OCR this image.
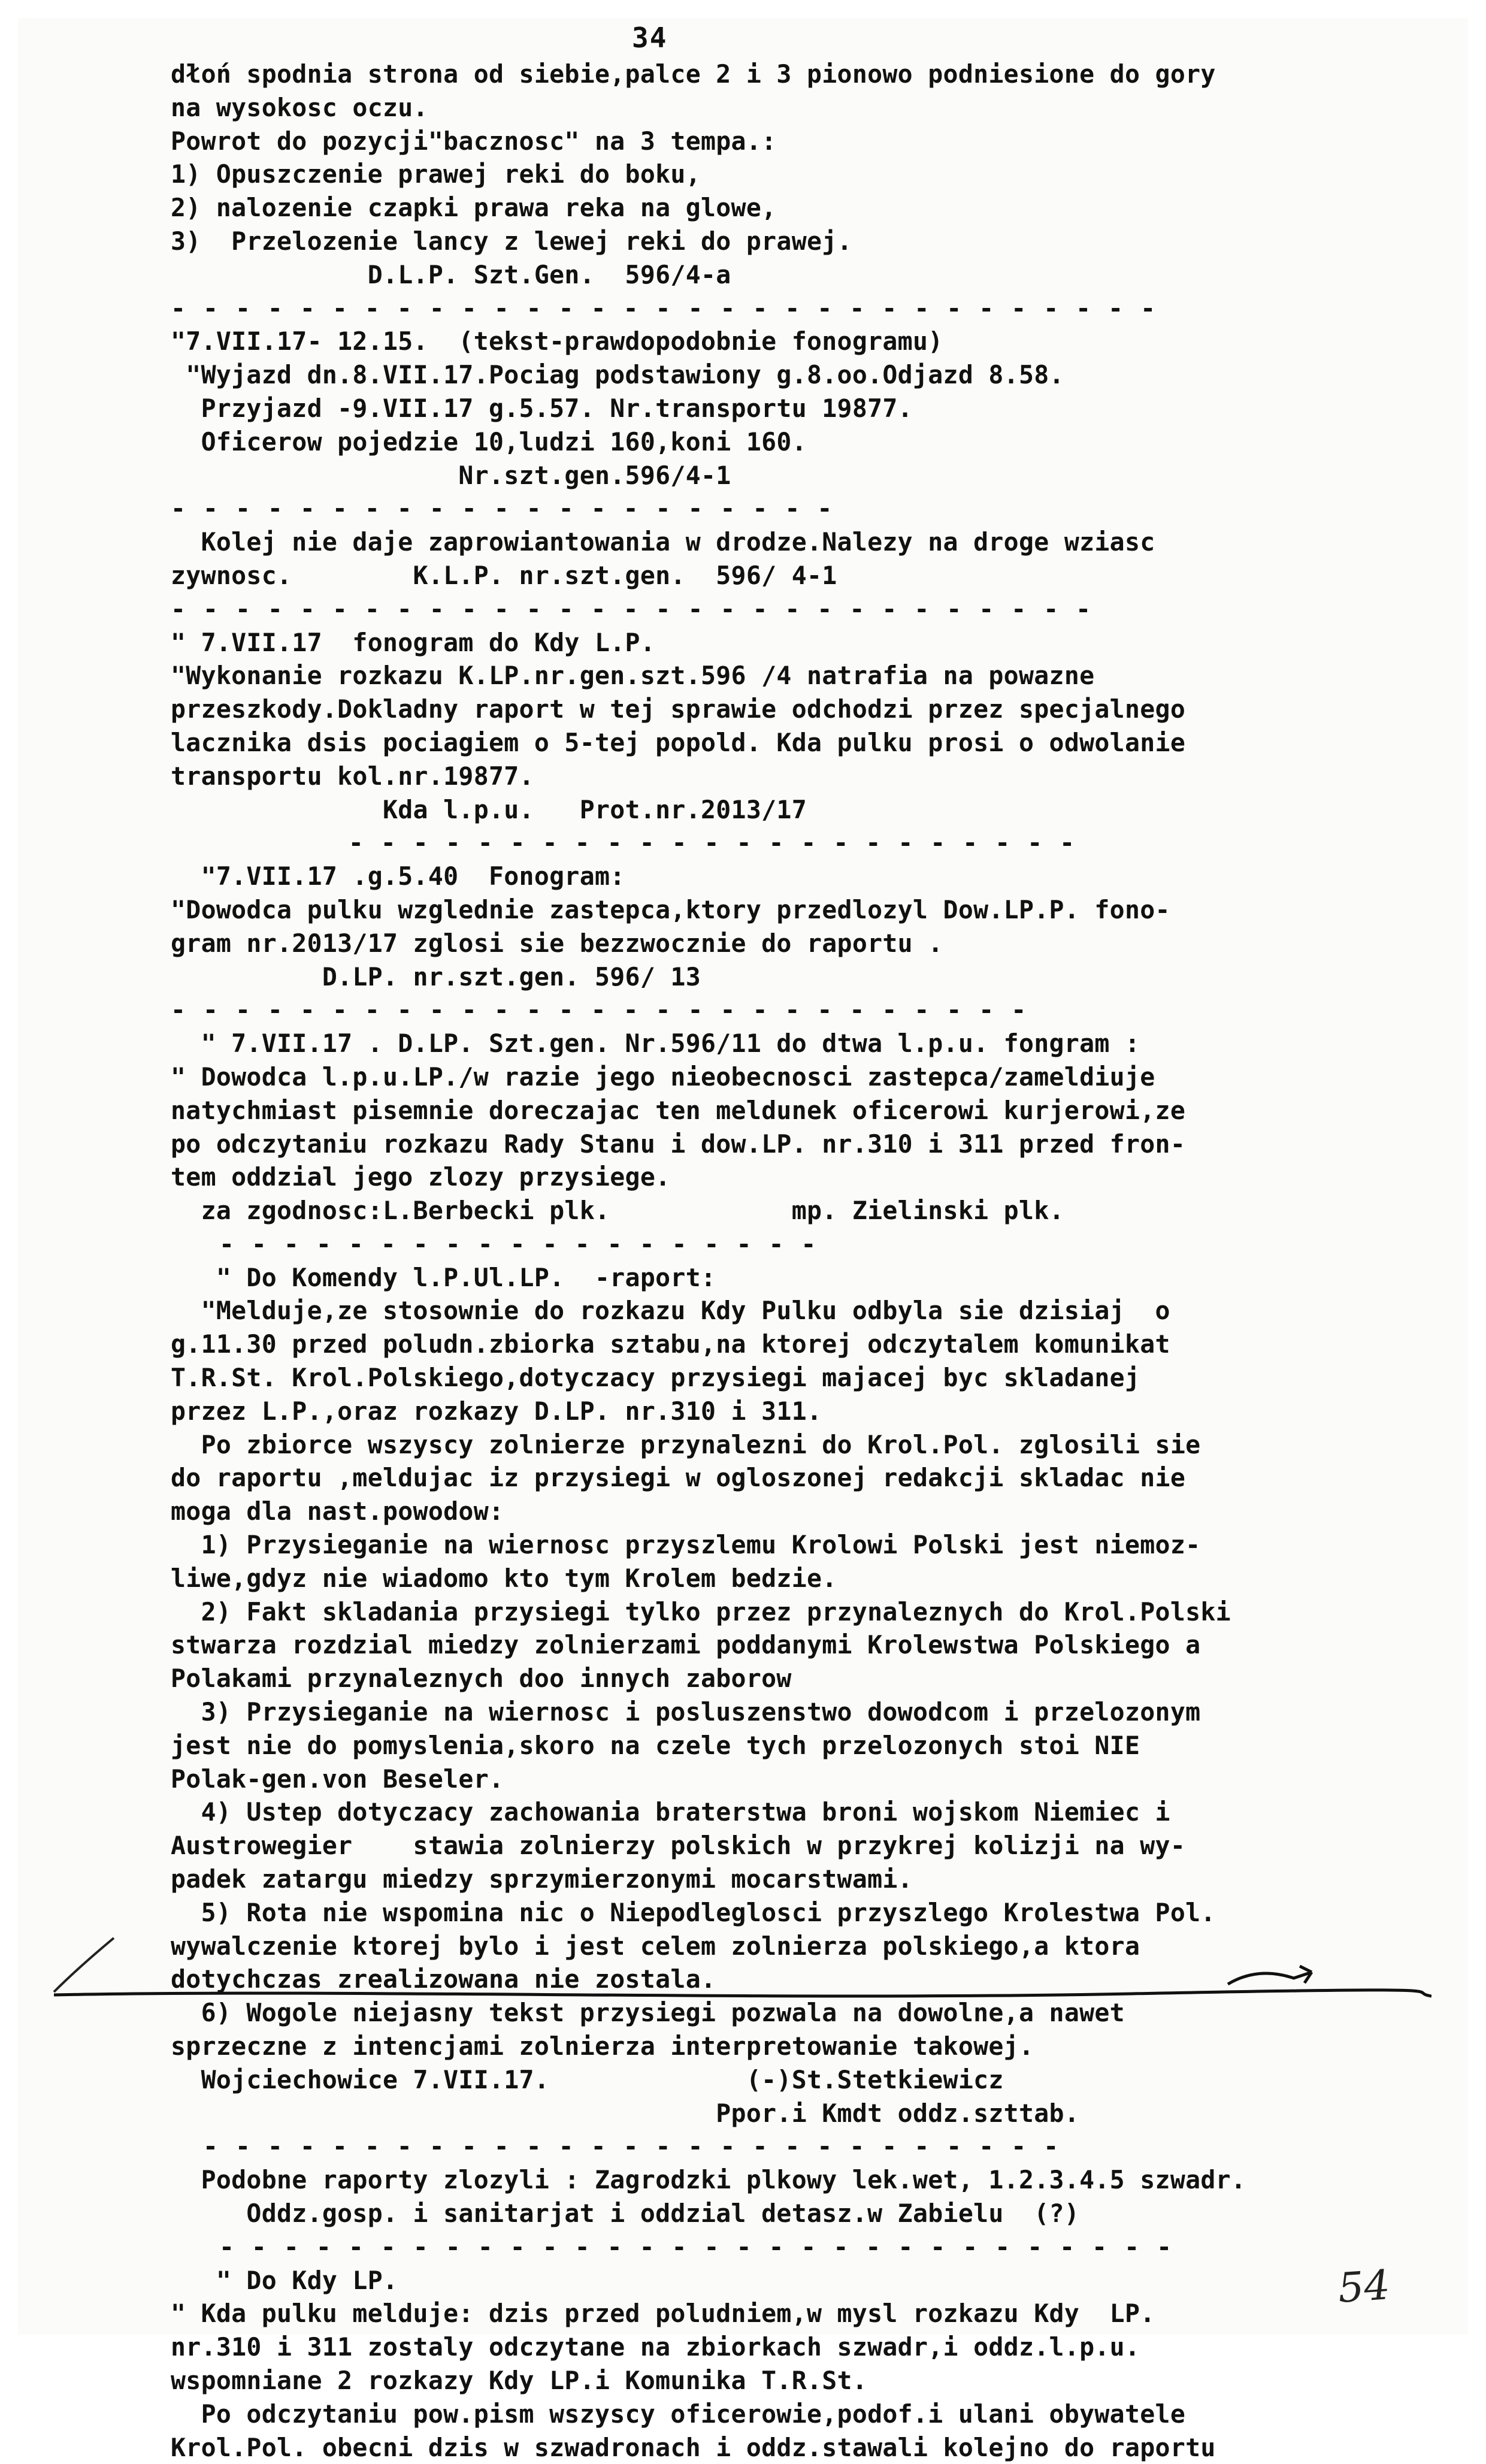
34
dłoń spodnia strona od siebie,palce 2 i 3 pionowo podniesione do gory
na wysokosc oczu.
Powrot do pozycji"bacznosc" na 3 tempa.:
1) Opuszczenie prawej reki do boku,
2) nalozenie czapki prawa reka na glowe,
3)  Przelozenie lancy z lewej reki do prawej.
D.L.P. Szt.Gen.  596/4-a
- - - - - - - - - - - - - - - - - - - - - - - - - - - - - - -
"7.VII.17- 12.15.  (tekst-prawdopodobnie fonogramu)
"Wyjazd dn.8.VII.17.Pociag podstawiony g.8.oo.Odjazd 8.58.
Przyjazd -9.VII.17 g.5.57. Nr.transportu 19877.
Oficerow pojedzie 10,ludzi 160,koni 160.
Nr.szt.gen.596/4-1
- - - - - - - - - - - - - - - - - - - - -
Kolej nie daje zaprowiantowania w drodze.Nalezy na droge wziasc
zywnosc.        K.L.P. nr.szt.gen.  596/ 4-1
- - - - - - - - - - - - - - - - - - - - - - - - - - - - -
" 7.VII.17  fonogram do Kdy L.P.
"Wykonanie rozkazu K.LP.nr.gen.szt.596 /4 natrafia na powazne
przeszkody.Dokladny raport w tej sprawie odchodzi przez specjalnego
lacznika dsis pociagiem o 5-tej popold. Kda pulku prosi o odwolanie
transportu kol.nr.19877.
Kda l.p.u.   Prot.nr.2013/17
- - - - - - - - - - - - - - - - - - - - - - -
"7.VII.17 .g.5.40  Fonogram:
"Dowodca pulku wzglednie zastepca,ktory przedlozyl Dow.LP.P. fono-
gram nr.2013/17 zglosi sie bezzwocznie do raportu .
D.LP. nr.szt.gen. 596/ 13
- - - - - - - - - - - - - - - - - - - - - - - - - - -
" 7.VII.17 . D.LP. Szt.gen. Nr.596/11 do dtwa l.p.u. fongram :
" Dowodca l.p.u.LP./w razie jego nieobecnosci zastepca/zameldiuje
natychmiast pisemnie doreczajac ten meldunek oficerowi kurjerowi,ze
po odczytaniu rozkazu Rady Stanu i dow.LP. nr.310 i 311 przed fron-
tem oddzial jego zlozy przysiege.
za zgodnosc:L.Berbecki plk.            mp. Zielinski plk.
- - - - - - - - - - - - - - - - - - -
" Do Komendy l.P.Ul.LP.  -raport:
"Melduje,ze stosownie do rozkazu Kdy Pulku odbyla sie dzisiaj  o
g.11.30 przed poludn.zbiorka sztabu,na ktorej odczytalem komunikat
T.R.St. Krol.Polskiego,dotyczacy przysiegi majacej byc skladanej
przez L.P.,oraz rozkazy D.LP. nr.310 i 311.
Po zbiorce wszyscy zolnierze przynalezni do Krol.Pol. zglosili sie
do raportu ,meldujac iz przysiegi w ogloszonej redakcji skladac nie
moga dla nast.powodow:
1) Przysieganie na wiernosc przyszlemu Krolowi Polski jest niemoz-
liwe,gdyz nie wiadomo kto tym Krolem bedzie.
2) Fakt skladania przysiegi tylko przez przynaleznych do Krol.Polski
stwarza rozdzial miedzy zolnierzami poddanymi Krolewstwa Polskiego a
Polakami przynaleznych doo innych zaborow
3) Przysieganie na wiernosc i posluszenstwo dowodcom i przelozonym
jest nie do pomyslenia,skoro na czele tych przelozonych stoi NIE
Polak-gen.von Beseler.
4) Ustep dotyczacy zachowania braterstwa broni wojskom Niemiec i
Austrowegier    stawia zolnierzy polskich w przykrej kolizji na wy-
padek zatargu miedzy sprzymierzonymi mocarstwami.
5) Rota nie wspomina nic o Niepodleglosci przyszlego Krolestwa Pol.
wywalczenie ktorej bylo i jest celem zolnierza polskiego,a ktora
dotychczas zrealizowana nie zostala.
6) Wogole niejasny tekst przysiegi pozwala na dowolne,a nawet
sprzeczne z intencjami zolnierza interpretowanie takowej.
Wojciechowice 7.VII.17.             (-)St.Stetkiewicz
Ppor.i Kmdt oddz.szttab.
- - - - - - - - - - - - - - - - - - - - - - - - - - -
Podobne raporty zlozyli : Zagrodzki plkowy lek.wet, 1.2.3.4.5 szwadr.
Oddz.gosp. i sanitarjat i oddzial detasz.w Zabielu  (?)
- - - - - - - - - - - - - - - - - - - - - - - - - - - - - -
" Do Kdy LP.
" Kda pulku melduje: dzis przed poludniem,w mysl rozkazu Kdy  LP.
nr.310 i 311 zostaly odczytane na zbiorkach szwadr,i oddz.l.p.u.
wspomniane 2 rozkazy Kdy LP.i Komunika T.R.St.
Po odczytaniu pow.pism wszyscy oficerowie,podof.i ulani obywatele
Krol.Pol. obecni dzis w szwadronach i oddz.stawali kolejno do raportu
54
